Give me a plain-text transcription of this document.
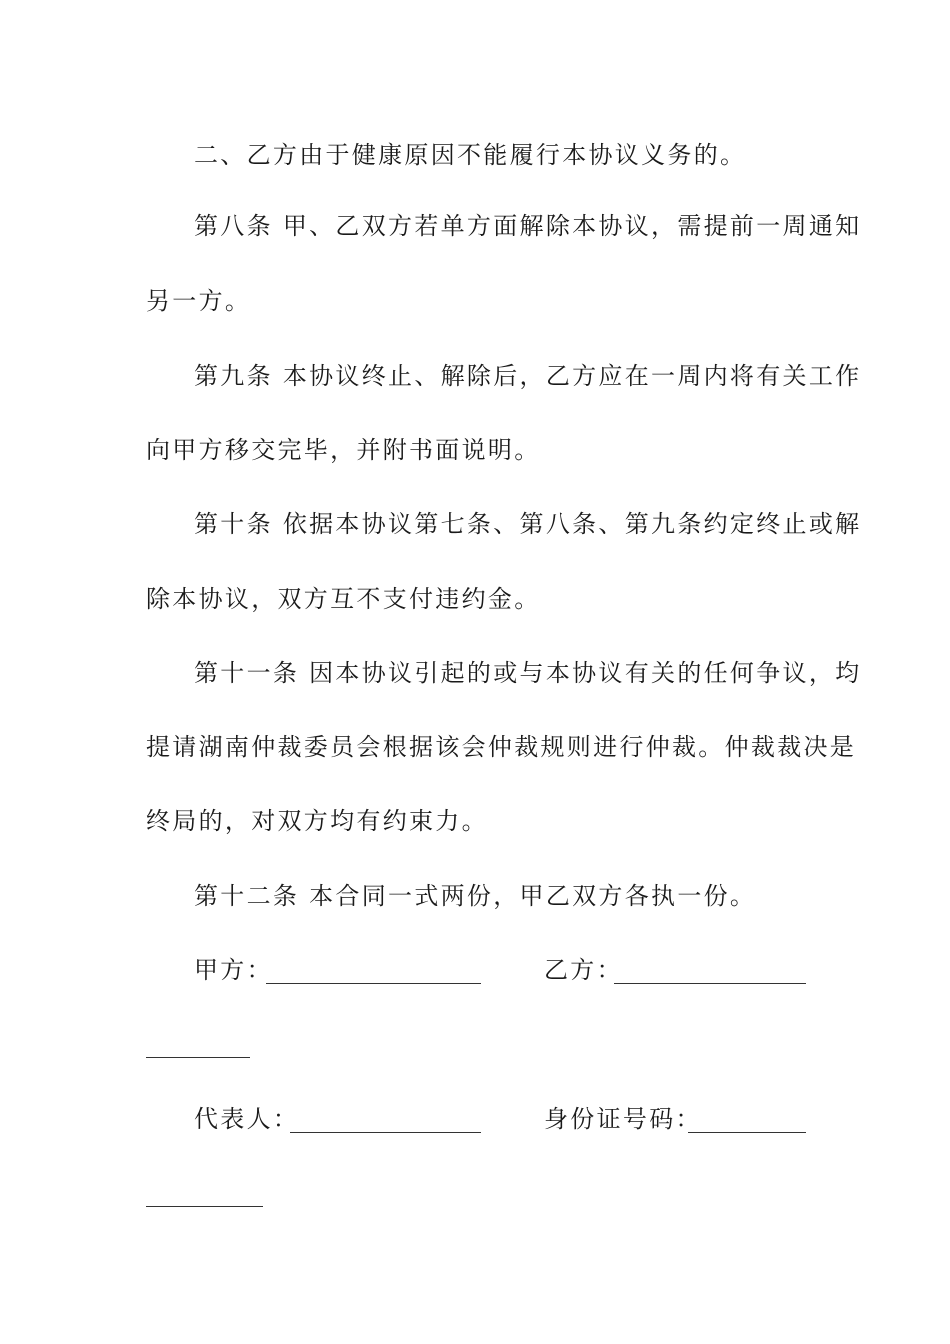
二、乙方由于健康原因不能履行本协议义务的。
第八条 甲、乙双方若单方面解除本协议，需提前一周通知
另一方。
第九条 本协议终止、解除后，乙方应在一周内将有关工作
向甲方移交完毕，并附书面说明。
第十条 依据本协议第七条、第八条、第九条约定终止或解
除本协议，双方互不支付违约金。
第十一条 因本协议引起的或与本协议有关的任何争议，均
提请湖南仲裁委员会根据该会仲裁规则进行仲裁。仲裁裁决是
终局的，对双方均有约束力。
第十二条 本合同一式两份，甲乙双方各执一份。
甲方：	乙方：
代表人：	身份证号码：
